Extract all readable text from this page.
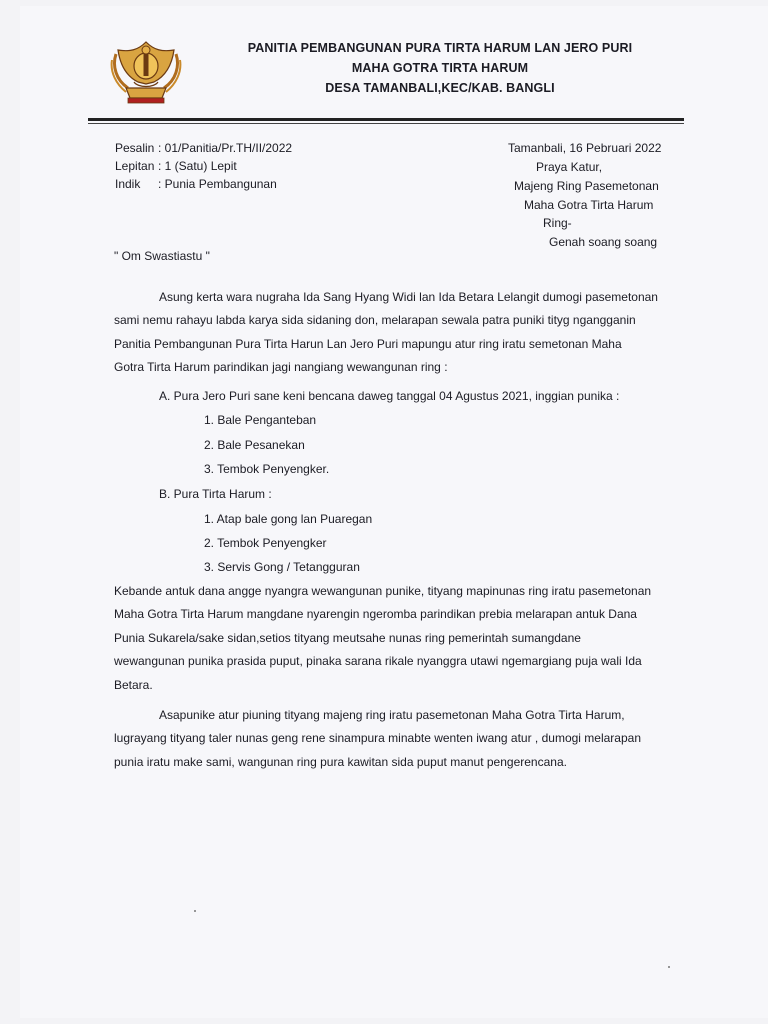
PANITIA PEMBANGUNAN PURA TIRTA HARUM LAN JERO PURI
MAHA GOTRA TIRTA HARUM
DESA TAMANBALI,KEC/KAB. BANGLI
Pesalin : 01/Panitia/Pr.TH/II/2022
Lepitan : 1 (Satu) Lepit
Indik	: Punia Pembangunan
Tamanbali, 16 Pebruari 2022
Praya Katur,
Majeng Ring Pasemetonan
Maha Gotra Tirta Harum
Ring-
Genah soang soang
" Om Swastiastu "
Asung kerta wara nugraha Ida Sang Hyang Widi lan Ida Betara Lelangit dumogi pasemetonan
sami nemu rahayu labda karya sida sidaning don, melarapan sewala patra puniki tityg ngangganin
Panitia Pembangunan Pura Tirta Harun Lan Jero Puri mapungu atur ring iratu semetonan Maha
Gotra Tirta Harum parindikan jagi nangiang wewangunan ring :
A. Pura Jero Puri sane keni bencana daweg tanggal 04 Agustus 2021, inggian punika :
1. Bale Penganteban
2. Bale Pesanekan
3. Tembok Penyengker.
B. Pura Tirta Harum :
1. Atap bale gong lan Puaregan
2. Tembok Penyengker
3. Servis Gong / Tetangguran
Kebande antuk dana angge nyangra wewangunan punike, tityang mapinunas ring iratu pasemetonan
Maha Gotra Tirta Harum mangdane nyarengin ngeromba parindikan prebia melarapan antuk Dana
Punia Sukarela/sake sidan,setios tityang meutsahe nunas ring pemerintah sumangdane
wewangunan punika prasida puput, pinaka sarana rikale nyanggra utawi ngemargiang puja wali Ida
Betara.
Asapunike atur piuning tityang majeng ring iratu pasemetonan Maha Gotra Tirta Harum,
lugrayang tityang taler nunas geng rene sinampura minabte wenten iwang atur , dumogi melarapan
punia iratu make sami, wangunan ring pura kawitan sida puput manut pengerencana.
